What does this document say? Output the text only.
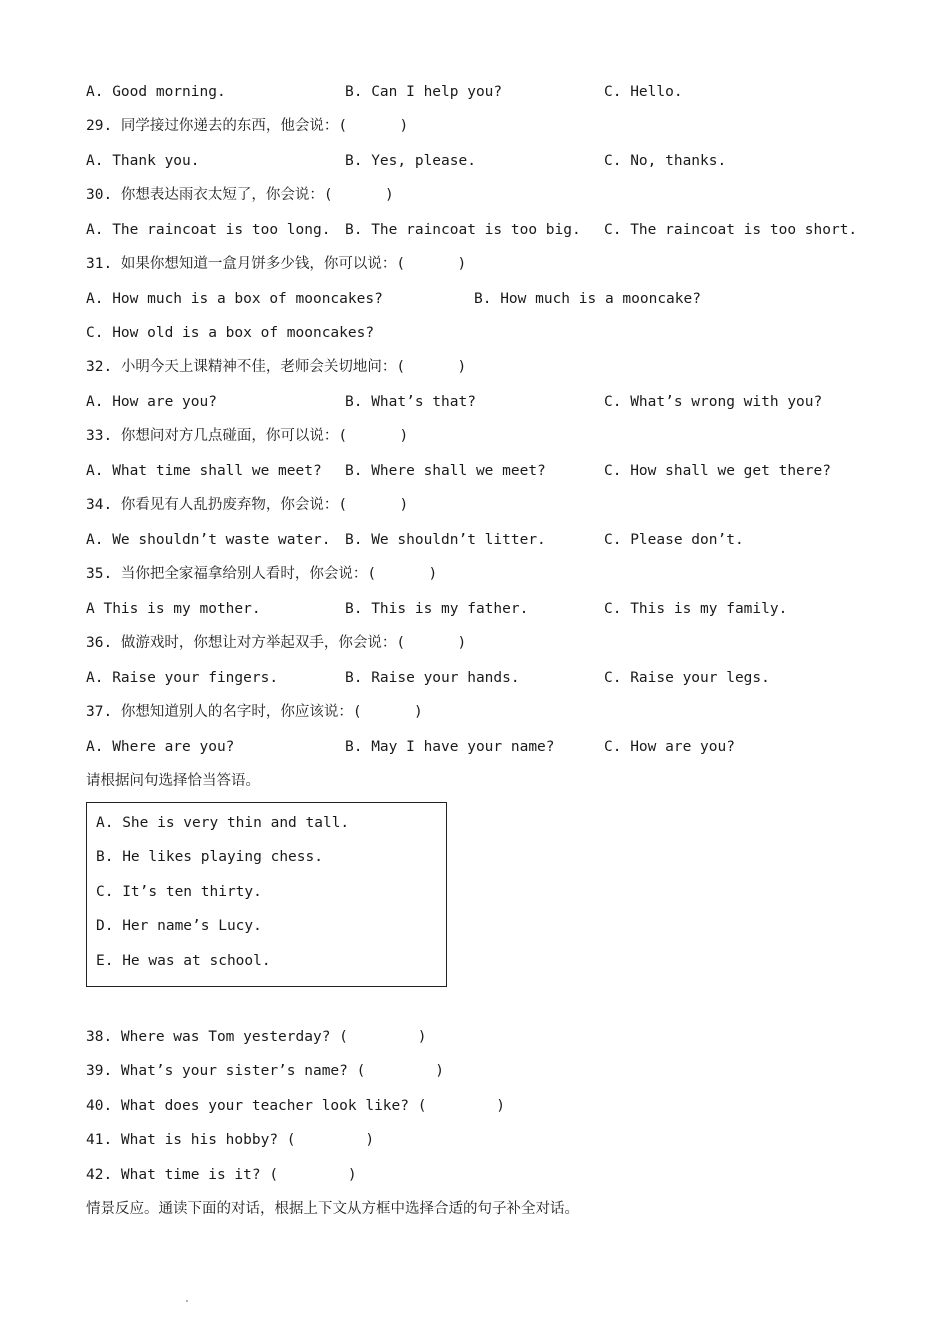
A. Good morning.	B. Can I help you?	C. Hello.
29. 同学接过你递去的东西，他会说：(      )
A. Thank you.	B. Yes, please.	C. No, thanks.
30. 你想表达雨衣太短了，你会说：(      )
A. The raincoat is too long. B. The raincoat is too big. C. The raincoat is too short.
31. 如果你想知道一盒月饼多少钱，你可以说：(      )
A. How much is a box of mooncakes?	B. How much is a mooncake?
C. How old is a box of mooncakes?
32. 小明今天上课精神不佳，老师会关切地问：(      )
A. How are you?	B. What’s that?	C. What’s wrong with you?
33. 你想问对方几点碰面，你可以说：(      )
A. What time shall we meet? B. Where shall we meet?	C. How shall we get there?
34. 你看见有人乱扔废弃物，你会说：(      )
A. We shouldn’t waste water. B. We shouldn’t litter.	C. Please don’t.
35. 当你把全家福拿给别人看时，你会说：(      )
A This is my mother.	B. This is my father.	C. This is my family.
36. 做游戏时，你想让对方举起双手，你会说：(      )
A. Raise your fingers.	B. Raise your hands.	C. Raise your legs.
37. 你想知道别人的名字时，你应该说：(      )
A. Where are you?	B. May I have your name?	C. How are you?
请根据问句选择恰当答语。
A. She is very thin and tall.
B. He likes playing chess.
C. It’s ten thirty.
D. Her name’s Lucy.
E. He was at school.
38. Where was Tom yesterday? (        )
39. What’s your sister’s name? (        )
40. What does your teacher look like? (        )
41. What is his hobby? (        )
42. What time is it? (        )
情景反应。通读下面的对话，根据上下文从方框中选择合适的句子补全对话。
